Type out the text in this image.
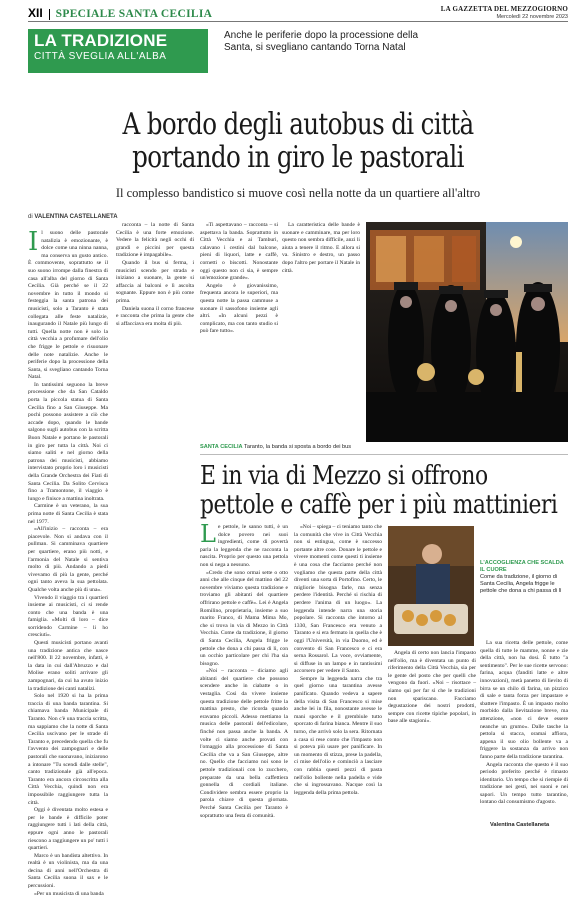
XII SPECIALE SANTA CECILIA	LA GAZZETTA DEL MEZZOGIORNO
Mercoledì 22 novembre 2023
LA TRADIZIONE
CITTÀ SVEGLIA ALL'ALBA
Anche le periferie dopo la processione della Santa, si svegliano cantando Torna Natal
A bordo degli autobus di città
portando in giro le pastorali
Il complesso bandistico si muove così nella notte da un quartiere all'altro
di VALENTINA CASTELLANETA
I l suono delle pastorale natalizia è emozionante, è dolce come una ninna nanna, ma conserva un gusto antico. È commovente, soprattutto se il suo suono irrompe dalla finestra di casa all'alba del giorno di Santa Cecilia. Già perché se il 22 novembre in tutto il mondo si festeggia la santa patrona dei musicisti, solo a Taranto è stata collegata alle feste natalizie, inaugurando il Natale più lungo di tutti. Quella notte non è solo la città vecchia a profumare dell'olio che frigge le pettole e risuonare delle note natalizie. Anche le periferie dopo la processione della Santa, si svegliano cantando Torna Natal.

In tantissimi seguono la breve processione che da San Cataldo porta la piccola statua di Santa Cecilia fino a San Giuseppe. Ma pochi possono assistere a ciò che accade dopo, quando le bande salgono sugli autobus con la scritta Buon Natale e portano le pastorali in giro per tutta la città. Noi ci siamo saliti e nel giorno della patrona dei musicisti, abbiamo intervistato proprio loro i musicisti della Grande Orchestra dei Fiati di Santa Cecilia. Da Solito Cervisca fino a Tramontone, il viaggio è lungo e finisce a mattina inoltrata.

Carmine è un veterano, la sua prima notte di Santa Cecilia è stata nel 1977.

«All'inizio – racconta – era piacevole. Non si andava con il pullman. Si camminava quartiere per quartiere, erano più notti, e l'armonia del Natale si sentiva molto di più. Andando a piedi vivevamo di più la gente, perché ogni tanto aveva la sua pettolata. Qualche volta anche più di una».

Vivendo il viaggio tra i quartieri insieme ai musicisti, ci si rende conto che una banda è una famiglia. «Molti di loro – dice sorridendo Carmine – li ho cresciuti».

Questi musicisti portano avanti una tradizione antica che nasce nell'800. Il 22 novembre, infatti, è la data in cui dall'Abruzzo e dal Molise erano soliti arrivare gli zampognari, da cui ha avuto inizio la tradizione dei canti natalizi.

Solo nel 1920 si ha la prima traccia di una banda tarantina. Si chiamava banda Municipale di Taranto. Non c'è una traccia scritta, ma sappiamo che la notte di Santa Cecilia uscivano per le strade di Taranto e, precedendo quella che fu l'avvento dei zampognari e delle pastorali che suonavano, iniziarono a intonare "Tu scendi dalle stelle", canto tradizionale già all'epoca. Taranto era ancora circoscritta alla Città Vecchia, quindi non era impossibile raggiungere tutta la città.

Oggi è diventata molto estesa e per le bande è difficile poter raggiungere tutti i lati della città, eppure ogni anno le pastorali riescono a raggiungere un po' tutti i quartieri.

Marco è un bandista altettivo. In realtà è un violinista, ma da una decina di anni nell'Orchestra di Santa Cecilia suona il sax e le percussioni.

«Per un musicista di una banda

racconta – la notte di Santa Cecilia è una forte emozione. Vedere la felicità negli occhi di grandi e piccini per questa tradizione è impagabile».

Quando il bus si ferma, i musicisti scendo per strada e iniziano a suonare, la gente si affaccia ai balconi e lì ascolta sognante. Eppure non è più come prima.

Daniela suona il corno francese e racconta che prima la gente che si affacciava era molta di più.

«Ti aspettavano – racconta – si aspettava la banda. Soprattutto in Città Vecchia e ai Tamburi, calavano i cestini dal balcone, pieni di liquori, latte e caffè, cornetti o biscotti. Nonostante oggi questo non ci sia, è sempre un'emozione grande».

Angelo è giovanissimo, frequenta ancora le superiori, ma questa notte la passa cammuse a suonare il sassofono insieme agli altri. «In alcuni pezzi è complicato, ma con tanto studio si può fare tutto».

La caratteristica delle bande è suonare e camminare, ma per loro questo non sembra difficile, anzi li aiuta a tenere il ritmo. E allora si va. Sinistro e destro, un passo dopo l'altro per portare il Natale in città.

SANTA CECILIA Taranto, la banda si sposta a bordo dei bus
E in via di Mezzo si offrono
pettole e caffè per i più mattinieri
L e pettole, le sanno tutti, è un dolce povero nei suoi ingredienti, come di povertà parla la leggenda che ne racconta la nascita. Proprio per questo una pettola non si nega a nessuno.

«Credo che sono ormai sette o otto anni che alle cinque del mattino del 22 novembre viviamo questa tradizione e troviamo gli abitanti del quartiere offrirano pettole e caffè». Lei è Angela Romilino, proprietaria, insieme a suo marito Franco, di Mama Mima Mo, che si trova in via di Mezzo in Città Vecchia. Come da tradizione, il giorno di Santa Cecilia, Angela frigge le pettole che dona a chi passa di lì, con un occhio particolare per chi l'ha sia bisogno.

«Noi – racconta – diciamo agli abitanti del quartiere che possono scendere anche in ciabatte o in vestaglia. Così da vivere insieme questa tradizione delle pettole fritte la mattina presto, che ricorda quando eravamo piccoli. Adesso mettiamo la musica delle pastorali dell'edicolare, finché non passa anche la banda. A volte ci siamo anche provati con l'omaggio alla processione di Santa Cecilia che va a San Giuseppe, altre no. Quello che facciamo noi sono le pettole tradizionali con lo zucchero, preparate da una bella caffettiera gonnella di cordiali italiane. Condividere sembra essere proprio la parola chiave di questa giornata. Perché Santa Cecilia per Taranto è soprattutto una festa di comunità.

«Noi – spiega – ci teniamo tanto che la comunità che vive in Città Vecchia non si estingua, come è successo portante altre cose. Donare le pettole e vivere momenti come questi ti insieme è una cosa che facciamo perché non vogliamo che questa parte della città diventi una sorta di Portofino. Certo, le migliorie bisogna farle, ma senza perdere l'identità. Perché si rischia di perdere l'anima di un luogo». La leggenda intende narra una storia popolare. Si racconta che intorno al 1330, San Francesco era venuto a Taranto e si era fermato in quella che è oggi l'Università, in via Duomo, ed è convento di San Francesco e ci era serna Rossarol. La voce, ovviamente, si diffuse in un lampo e in tantissimi accorsero per vedere il Santo.

Sempre la leggenda narra che tra quel giorno una tarantina avesse panificato. Quando vedeva a sapere della visita di San Francesco si mise anche lei in fila, nonostante avesse le mani sporche e il grembiule tutto sporcato di farina bianca. Mentre il suo turno, che arrivò solo la sera. Ritornata a casa si rese conto che l'impasto non si poteva più usare per panificare. In un momento di stizza, prese la padella, ci mise dell'olio e cominciò a lasciare con rabbia questi pezzi di pasta nell'olio bollente nella padella e vide che si ingrossavano. Nacque così la leggenda della prima pettola.

L'ACCOGLIENZA CHE SCALDA IL CUORE
Come da tradizione, il giorno di Santa Cecilia, Angela frigge le pettole che dona a chi passa di lì

Angela di certo non lancia l'impasto nell'olio, ma è diventata un punto di riferimento della Città Vecchia, sia per le gente del posto che per quelli che vengono da fuori. «Noi – risottace – siamo qui per far sì che le tradizioni non spariscano. Facciamo degustazione dei nostri prodotti, sempre con ricette tipiche popolari, in base alle stagioni».

La sua ricetta delle pettole, come quella di tutte le mamme, nonne e zie della città, non ha dosi. È tutto "a sentimento". Per le sue ricette servono: farina, acqua (fanditi latte e altre innovazioni), metà panetto di lievito di birra se un chilo di farina, un pizzico di sale e tanta forza per impastare e sbattere l'impasto. È un impasto molto morbido dalla lievitazione breve, ma attenzione, «non ci deve essere neanche un grumo». Dalle tasche la pettola si stacca, oramai affiora, appena il suo olio bollente va a friggere la sostanza da arrivo non fanno parte della tradizione tarantina.

Angela racconta che questo è il suo periodo preferito perché è rimasto identitario. Un tempo che si riempie di tradizione nei gesti, nei suoni e nei sapori. Un tempo tutto tarantino, lontano dal consumismo d'agosto.

Valentina Castellaneta
